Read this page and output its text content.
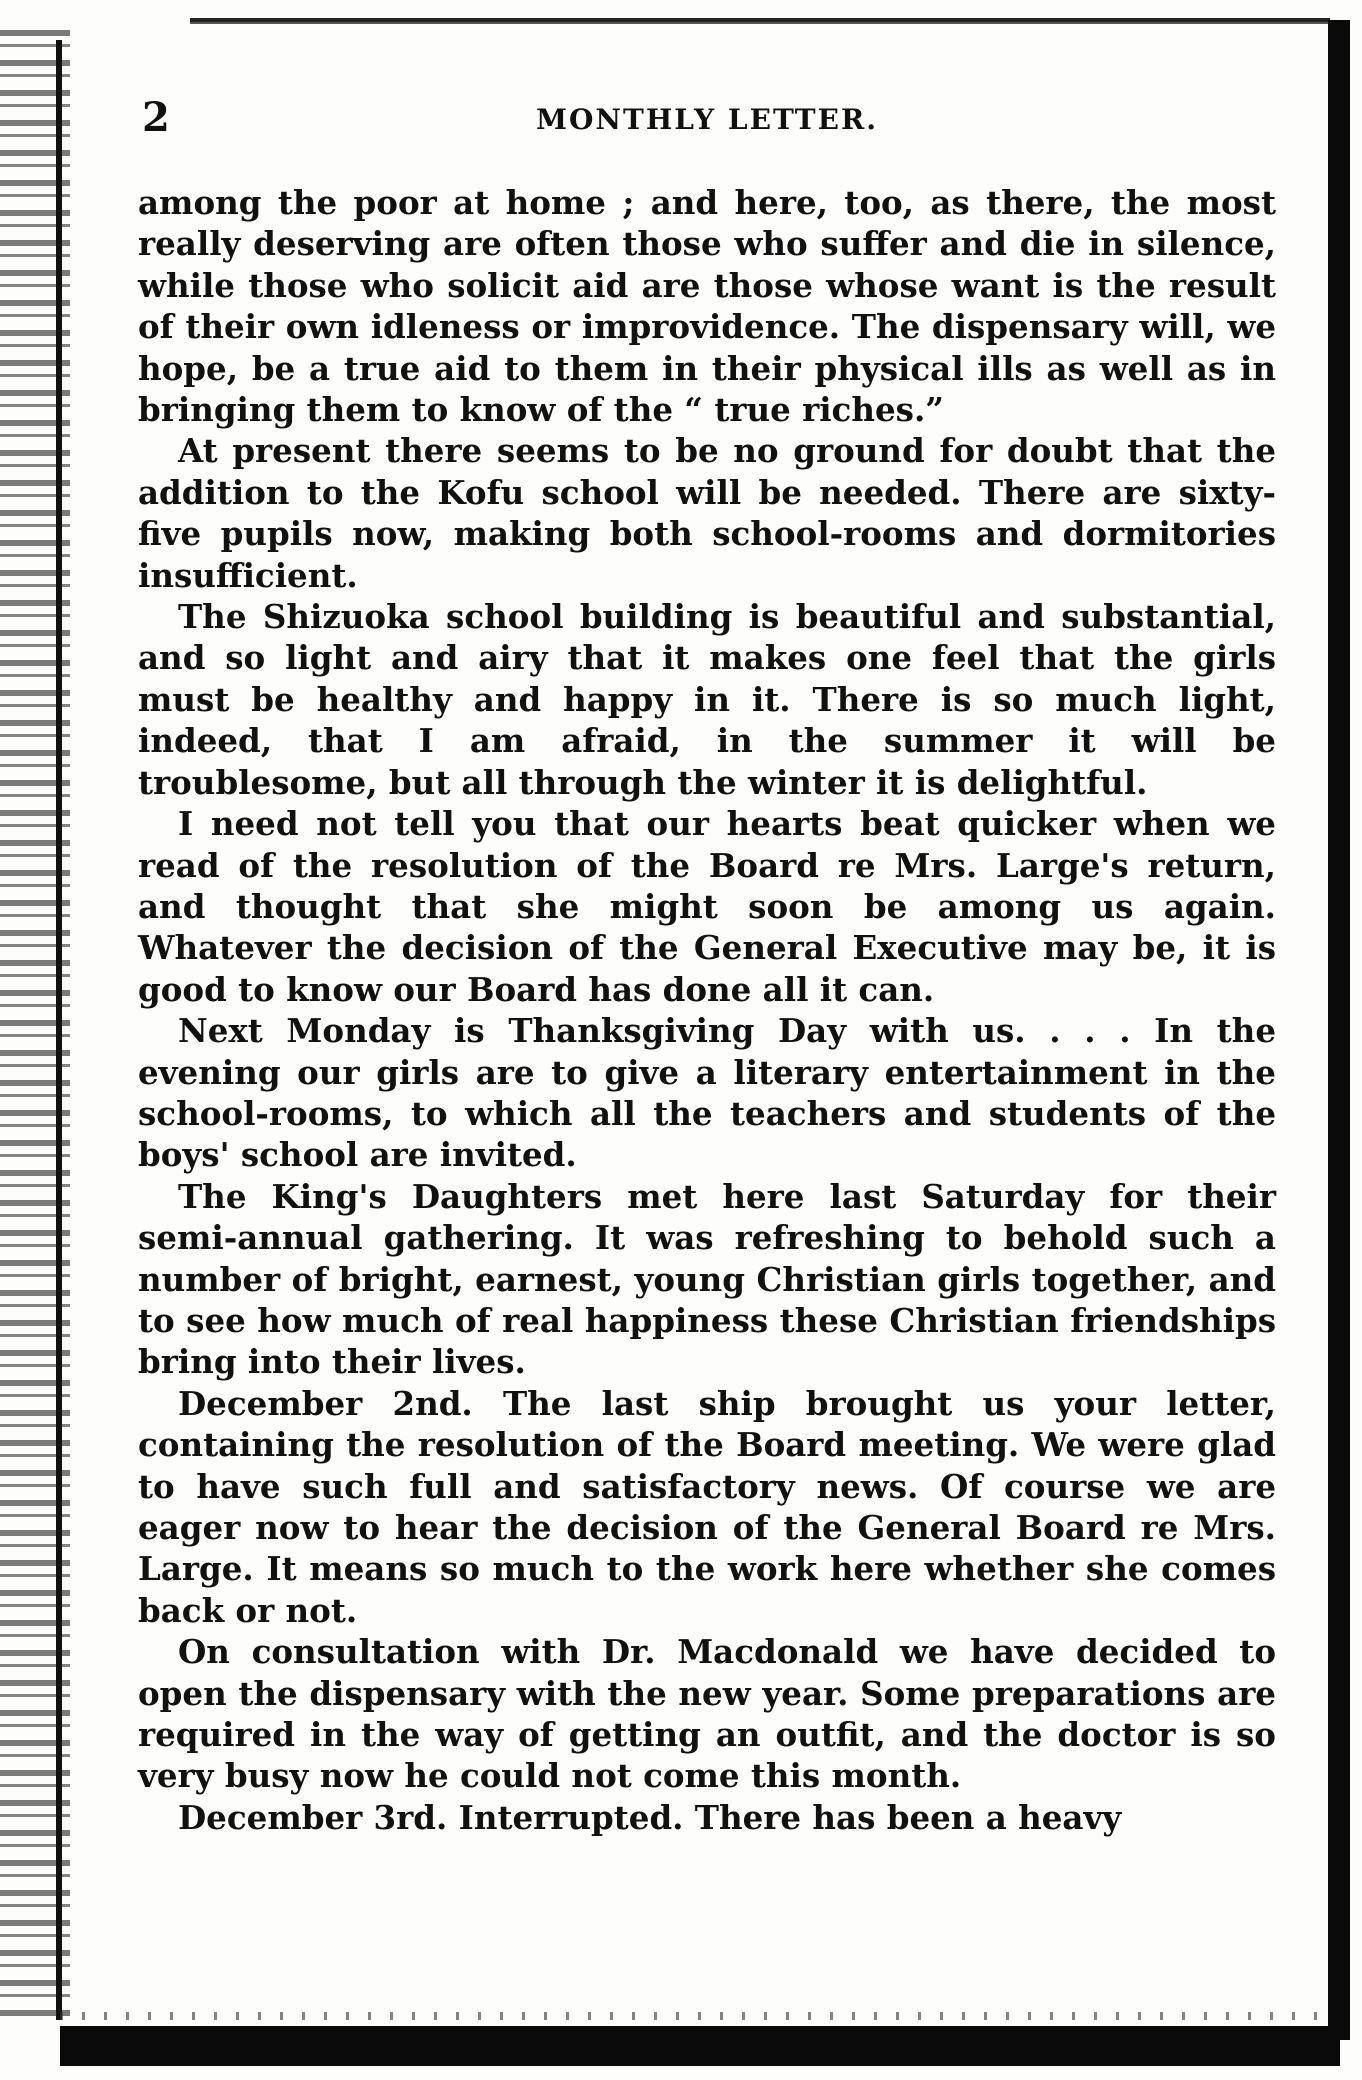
2	MONTHLY LETTER.

among the poor at home ; and here, too, as there, the most really deserving are often those who suffer and die in silence, while those who solicit aid are those whose want is the result of their own idleness or improvidence. The dispensary will, we hope, be a true aid to them in their physical ills as well as in bringing them to know of the “ true riches.”

At present there seems to be no ground for doubt that the addition to the Kofu school will be needed. There are sixty-five pupils now, making both school-rooms and dormitories insufficient.

The Shizuoka school building is beautiful and substantial, and so light and airy that it makes one feel that the girls must be healthy and happy in it. There is so much light, indeed, that I am afraid, in the summer it will be troublesome, but all through the winter it is delightful.

I need not tell you that our hearts beat quicker when we read of the resolution of the Board re Mrs. Large's return, and thought that she might soon be among us again. Whatever the decision of the General Executive may be, it is good to know our Board has done all it can.

Next Monday is Thanksgiving Day with us. . . . In the evening our girls are to give a literary entertainment in the school-rooms, to which all the teachers and students of the boys' school are invited.

The King's Daughters met here last Saturday for their semi-annual gathering. It was refreshing to behold such a number of bright, earnest, young Christian girls together, and to see how much of real happiness these Christian friendships bring into their lives.

December 2nd. The last ship brought us your letter, containing the resolution of the Board meeting. We were glad to have such full and satisfactory news. Of course we are eager now to hear the decision of the General Board re Mrs. Large. It means so much to the work here whether she comes back or not.

On consultation with Dr. Macdonald we have decided to open the dispensary with the new year. Some preparations are required in the way of getting an outfit, and the doctor is so very busy now he could not come this month.

December 3rd. Interrupted. There has been a heavy
